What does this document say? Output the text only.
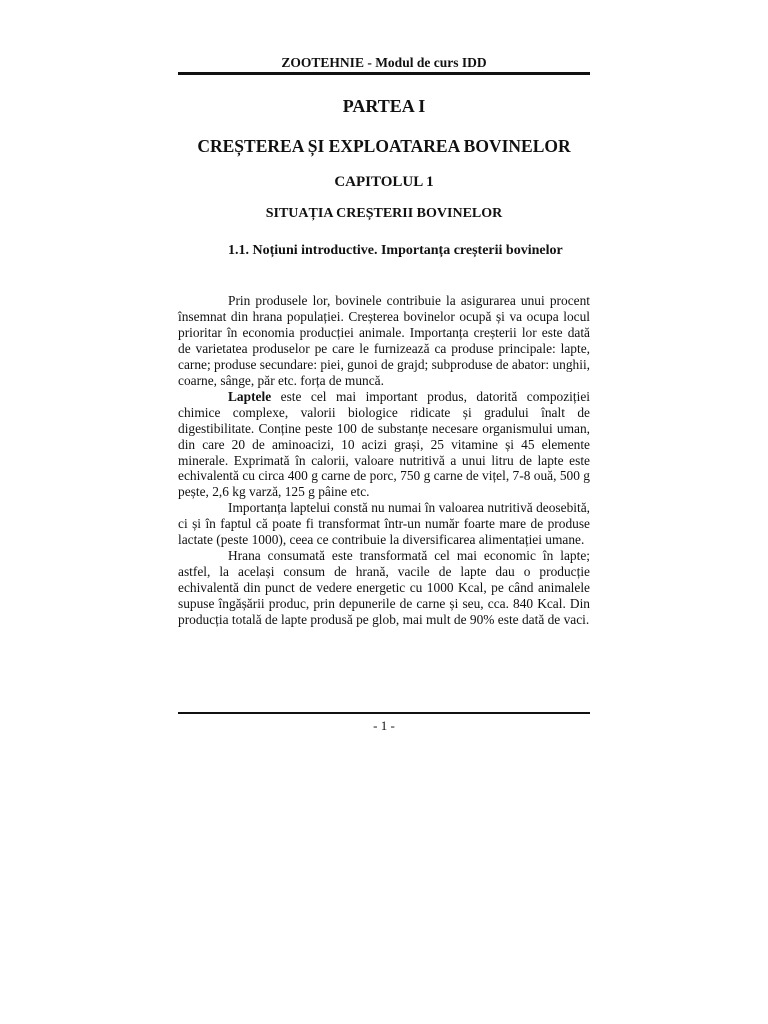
ZOOTEHNIE - Modul de curs IDD
PARTEA I
CREȘTEREA ȘI EXPLOATAREA BOVINELOR
CAPITOLUL 1
SITUAȚIA CREȘTERII BOVINELOR
1.1. Noțiuni introductive. Importanța creșterii bovinelor

Prin produsele lor, bovinele contribuie la asigurarea unui procent însemnat din hrana populației. Creșterea bovinelor ocupă și va ocupa locul prioritar în economia producției animale. Importanța creșterii lor este dată de varietatea produselor pe care le furnizează ca produse principale: lapte, carne; produse secundare: piei, gunoi de grajd; subproduse de abator: unghii, coarne, sânge, păr etc. forța de muncă.

Laptele este cel mai important produs, datorită compoziției chimice complexe, valorii biologice ridicate și gradului înalt de digestibilitate. Conține peste 100 de substanțe necesare organismului uman, din care 20 de aminoacizi, 10 acizi grași, 25 vitamine și 45 elemente minerale. Exprimată în calorii, valoare nutritivă a unui litru de lapte este echivalentă cu circa 400 g carne de porc, 750 g carne de vițel, 7-8 ouă, 500 g pește, 2,6 kg varză, 125 g pâine etc.

Importanța laptelui constă nu numai în valoarea nutritivă deosebită, ci și în faptul că poate fi transformat într-un număr foarte mare de produse lactate (peste 1000), ceea ce contribuie la diversificarea alimentației umane.

Hrana consumată este transformată cel mai economic în lapte; astfel, la același consum de hrană, vacile de lapte dau o producție echivalentă din punct de vedere energetic cu 1000 Kcal, pe când animalele supuse îngășării produc, prin depunerile de carne și seu, cca. 840 Kcal. Din producția totală de lapte produsă pe glob, mai mult de 90% este dată de vaci.

- 1 -
